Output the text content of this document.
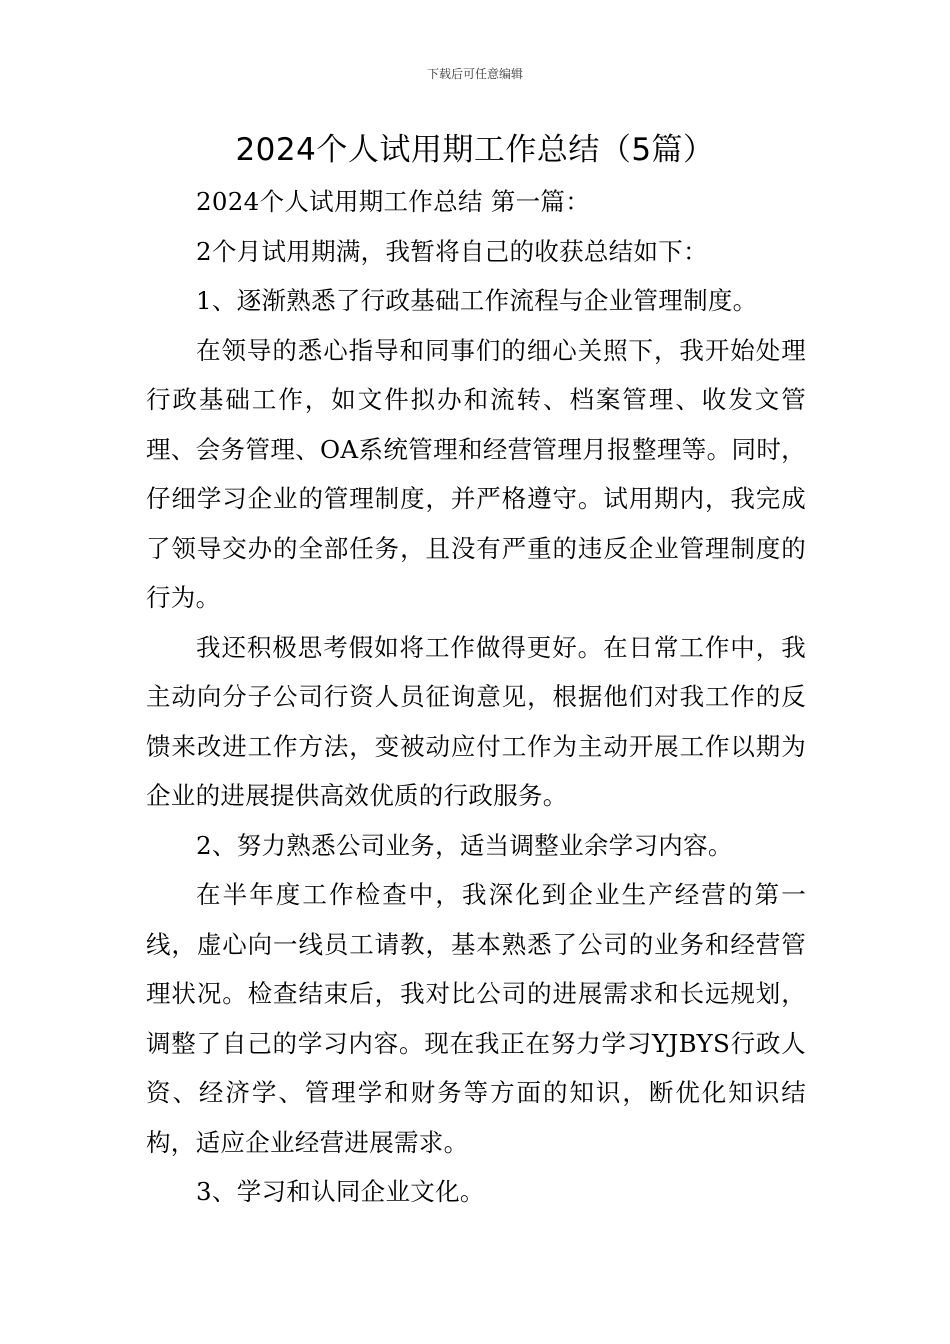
下载后可任意编辑
2024个人试用期工作总结（5篇）

2024个人试用期工作总结 第一篇：

2个月试用期满，我暂将自己的收获总结如下：

1、逐渐熟悉了行政基础工作流程与企业管理制度。

在领导的悉心指导和同事们的细心关照下，我开始处理行政基础工作，如文件拟办和流转、档案管理、收发文管理、会务管理、OA系统管理和经营管理月报整理等。同时，仔细学习企业的管理制度，并严格遵守。试用期内，我完成了领导交办的全部任务，且没有严重的违反企业管理制度的行为。

我还积极思考假如将工作做得更好。在日常工作中，我主动向分子公司行资人员征询意见，根据他们对我工作的反馈来改进工作方法，变被动应付工作为主动开展工作以期为企业的进展提供高效优质的行政服务。

2、努力熟悉公司业务，适当调整业余学习内容。

在半年度工作检查中，我深化到企业生产经营的第一线，虚心向一线员工请教，基本熟悉了公司的业务和经营管理状况。检查结束后，我对比公司的进展需求和长远规划，调整了自己的学习内容。现在我正在努力学习YJBYS行政人资、经济学、管理学和财务等方面的知识，断优化知识结构，适应企业经营进展需求。

3、学习和认同企业文化。
